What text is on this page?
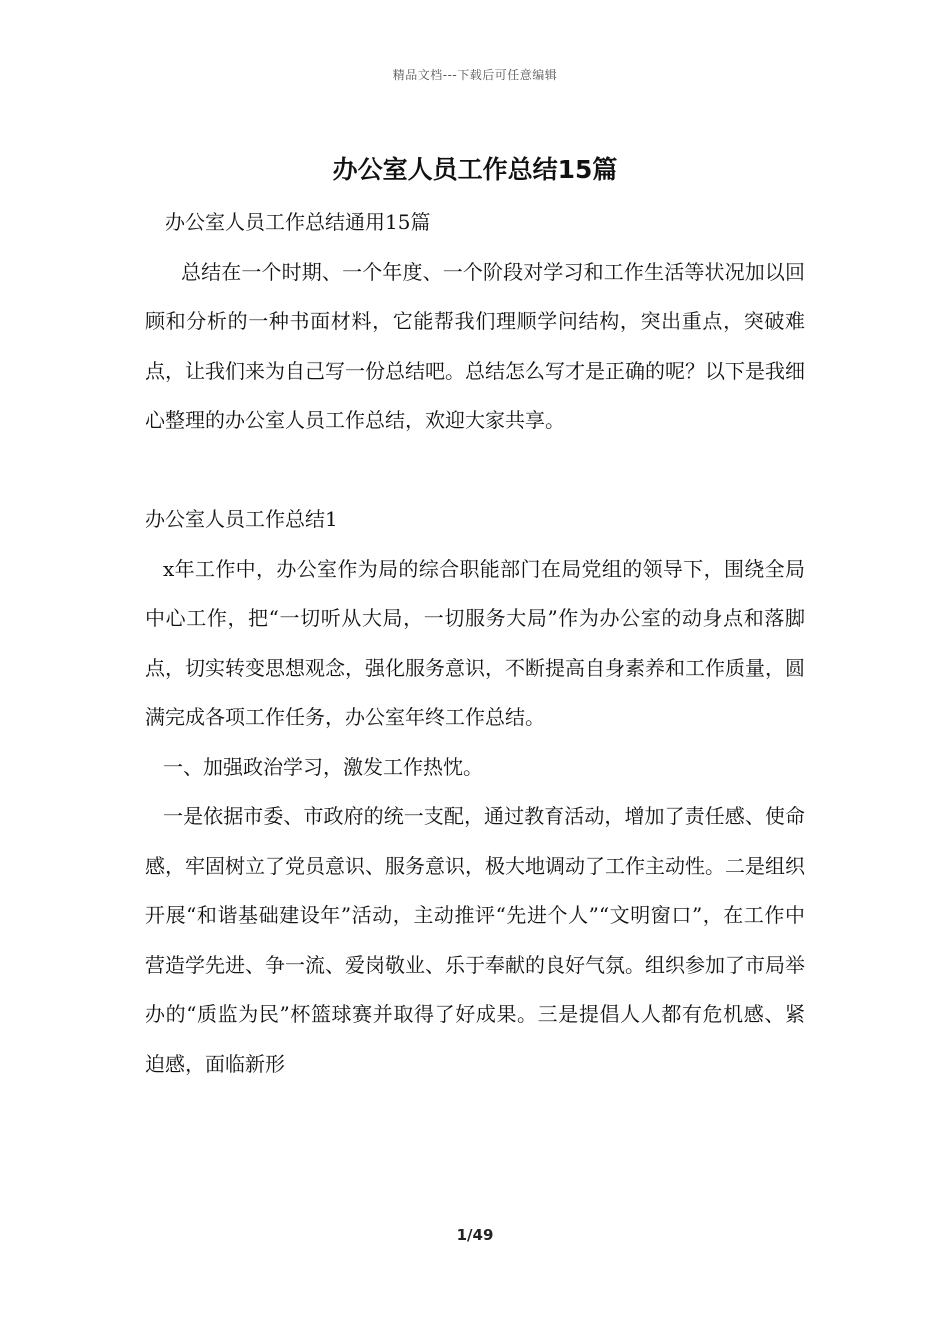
精品文档---下载后可任意编辑
办公室人员工作总结15篇

办公室人员工作总结通用15篇

总结在一个时期、一个年度、一个阶段对学习和工作生活等状况加以回顾和分析的一种书面材料，它能帮我们理顺学问结构，突出重点，突破难点，让我们来为自己写一份总结吧。总结怎么写才是正确的呢？以下是我细心整理的办公室人员工作总结，欢迎大家共享。

办公室人员工作总结1

x年工作中，办公室作为局的综合职能部门在局党组的领导下，围绕全局中心工作，把“一切听从大局，一切服务大局”作为办公室的动身点和落脚点，切实转变思想观念，强化服务意识，不断提高自身素养和工作质量，圆满完成各项工作任务，办公室年终工作总结。

一、加强政治学习，激发工作热忱。

一是依据市委、市政府的统一支配，通过教育活动，增加了责任感、使命感，牢固树立了党员意识、服务意识，极大地调动了工作主动性。二是组织开展“和谐基础建设年”活动，主动推评“先进个人”“文明窗口”，在工作中营造学先进、争一流、爱岗敬业、乐于奉献的良好气氛。组织参加了市局举办的“质监为民”杯篮球赛并取得了好成果。三是提倡人人都有危机感、紧迫感，面临新形

1/49
